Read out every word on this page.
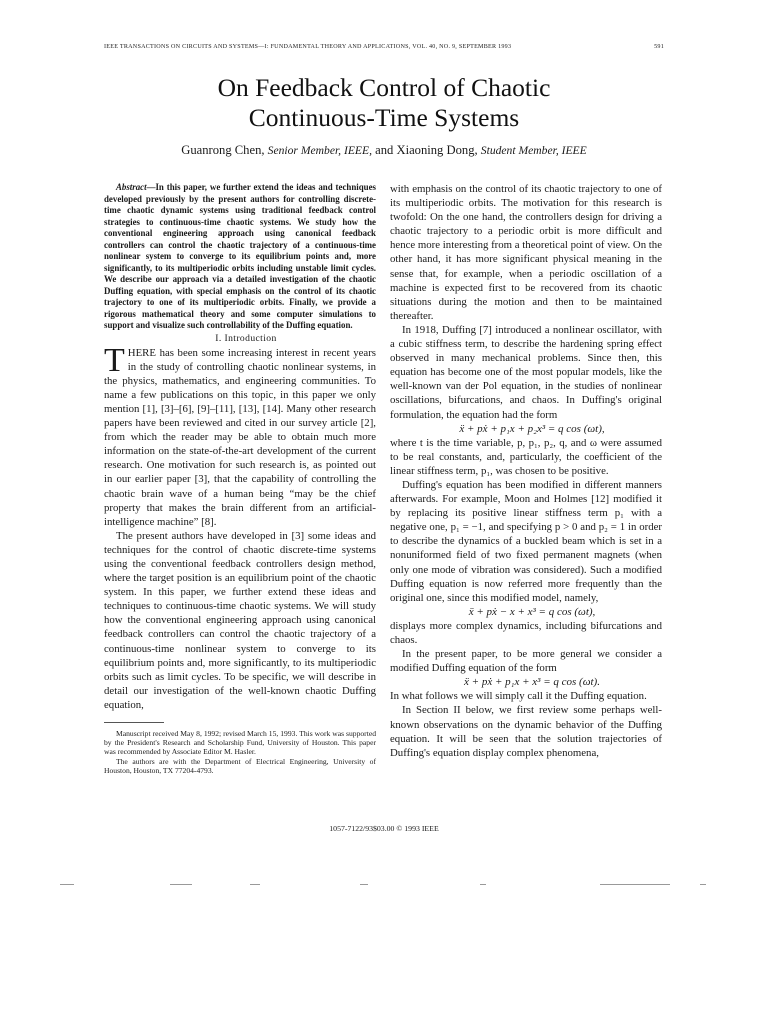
IEEE TRANSACTIONS ON CIRCUITS AND SYSTEMS—I: FUNDAMENTAL THEORY AND APPLICATIONS, VOL. 40, NO. 9, SEPTEMBER 1993	591
On Feedback Control of Chaotic
Continuous-Time Systems
Guanrong Chen, Senior Member, IEEE, and Xiaoning Dong, Student Member, IEEE

Abstract—In this paper, we further extend the ideas and techniques developed previously by the present authors for controlling discrete-time chaotic dynamic systems using traditional feedback control strategies to continuous-time chaotic systems. We study how the conventional engineering approach using canonical feedback controllers can control the chaotic trajectory of a continuous-time nonlinear system to converge to its equilibrium points and, more significantly, to its multiperiodic orbits including unstable limit cycles. We describe our approach via a detailed investigation of the chaotic Duffing equation, with special emphasis on the control of its chaotic trajectory to one of its multiperiodic orbits. Finally, we provide a rigorous mathematical theory and some computer simulations to support and visualize such controllability of the Duffing equation.

I. Introduction

THERE has been some increasing interest in recent years in the study of controlling chaotic nonlinear systems, in the physics, mathematics, and engineering communities. To name a few publications on this topic, in this paper we only mention [1], [3]–[6], [9]–[11], [13], [14]. Many other research papers have been reviewed and cited in our survey article [2], from which the reader may be able to obtain much more information on the state-of-the-art development of the current research. One motivation for such research is, as pointed out in our earlier paper [3], that the capability of controlling the chaotic brain wave of a human being “may be the chief property that makes the brain different from an artificial-intelligence machine” [8].

The present authors have developed in [3] some ideas and techniques for the control of chaotic discrete-time systems using the conventional feedback controllers design method, where the target position is an equilibrium point of the chaotic system. In this paper, we further extend these ideas and techniques to continuous-time chaotic systems. We will study how the conventional engineering approach using canonical feedback controllers can control the chaotic trajectory of a continuous-time nonlinear system to converge to its equilibrium points and, more significantly, to its multiperiodic orbits such as limit cycles. To be specific, we will describe in detail our investigation of the well-known chaotic Duffing equation,

Manuscript received May 8, 1992; revised March 15, 1993. This work was supported by the President's Research and Scholarship Fund, University of Houston. This paper was recommended by Associate Editor M. Hasler.

The authors are with the Department of Electrical Engineering, University of Houston, Houston, TX 77204-4793.

with emphasis on the control of its chaotic trajectory to one of its multiperiodic orbits. The motivation for this research is twofold: On the one hand, the controllers design for driving a chaotic trajectory to a periodic orbit is more difficult and hence more interesting from a theoretical point of view. On the other hand, it has more significant physical meaning in the sense that, for example, when a periodic oscillation of a machine is expected first to be recovered from its chaotic situations during the motion and then to be maintained thereafter.

In 1918, Duffing [7] introduced a nonlinear oscillator, with a cubic stiffness term, to describe the hardening spring effect observed in many mechanical problems. Since then, this equation has become one of the most popular models, like the well-known van der Pol equation, in the studies of nonlinear oscillations, bifurcations, and chaos. In Duffing's original formulation, the equation had the form

ẍ + pẋ + p₁x + p₂x³ = q cos (ωt),

where t is the time variable, p, p₁, p₂, q, and ω were assumed to be real constants, and, particularly, the coefficient of the linear stiffness term, p₁, was chosen to be positive.

Duffing's equation has been modified in different manners afterwards. For example, Moon and Holmes [12] modified it by replacing its positive linear stiffness term p₁ with a negative one, p₁ = −1, and specifying p > 0 and p₂ = 1 in order to describe the dynamics of a buckled beam which is set in a nonuniformed field of two fixed permanent magnets (when only one mode of vibration was considered). Such a modified Duffing equation is now referred more frequently than the original one, since this modified model, namely,

ẍ + pẋ − x + x³ = q cos (ωt),

displays more complex dynamics, including bifurcations and chaos.

In the present paper, to be more general we consider a modified Duffing equation of the form

ẍ + pẋ + p₁x + x³ = q cos (ωt).

In what follows we will simply call it the Duffing equation.

In Section II below, we first review some perhaps well-known observations on the dynamic behavior of the Duffing equation. It will be seen that the solution trajectories of Duffing's equation display complex phenomena,

1057-7122/93$03.00 © 1993 IEEE
